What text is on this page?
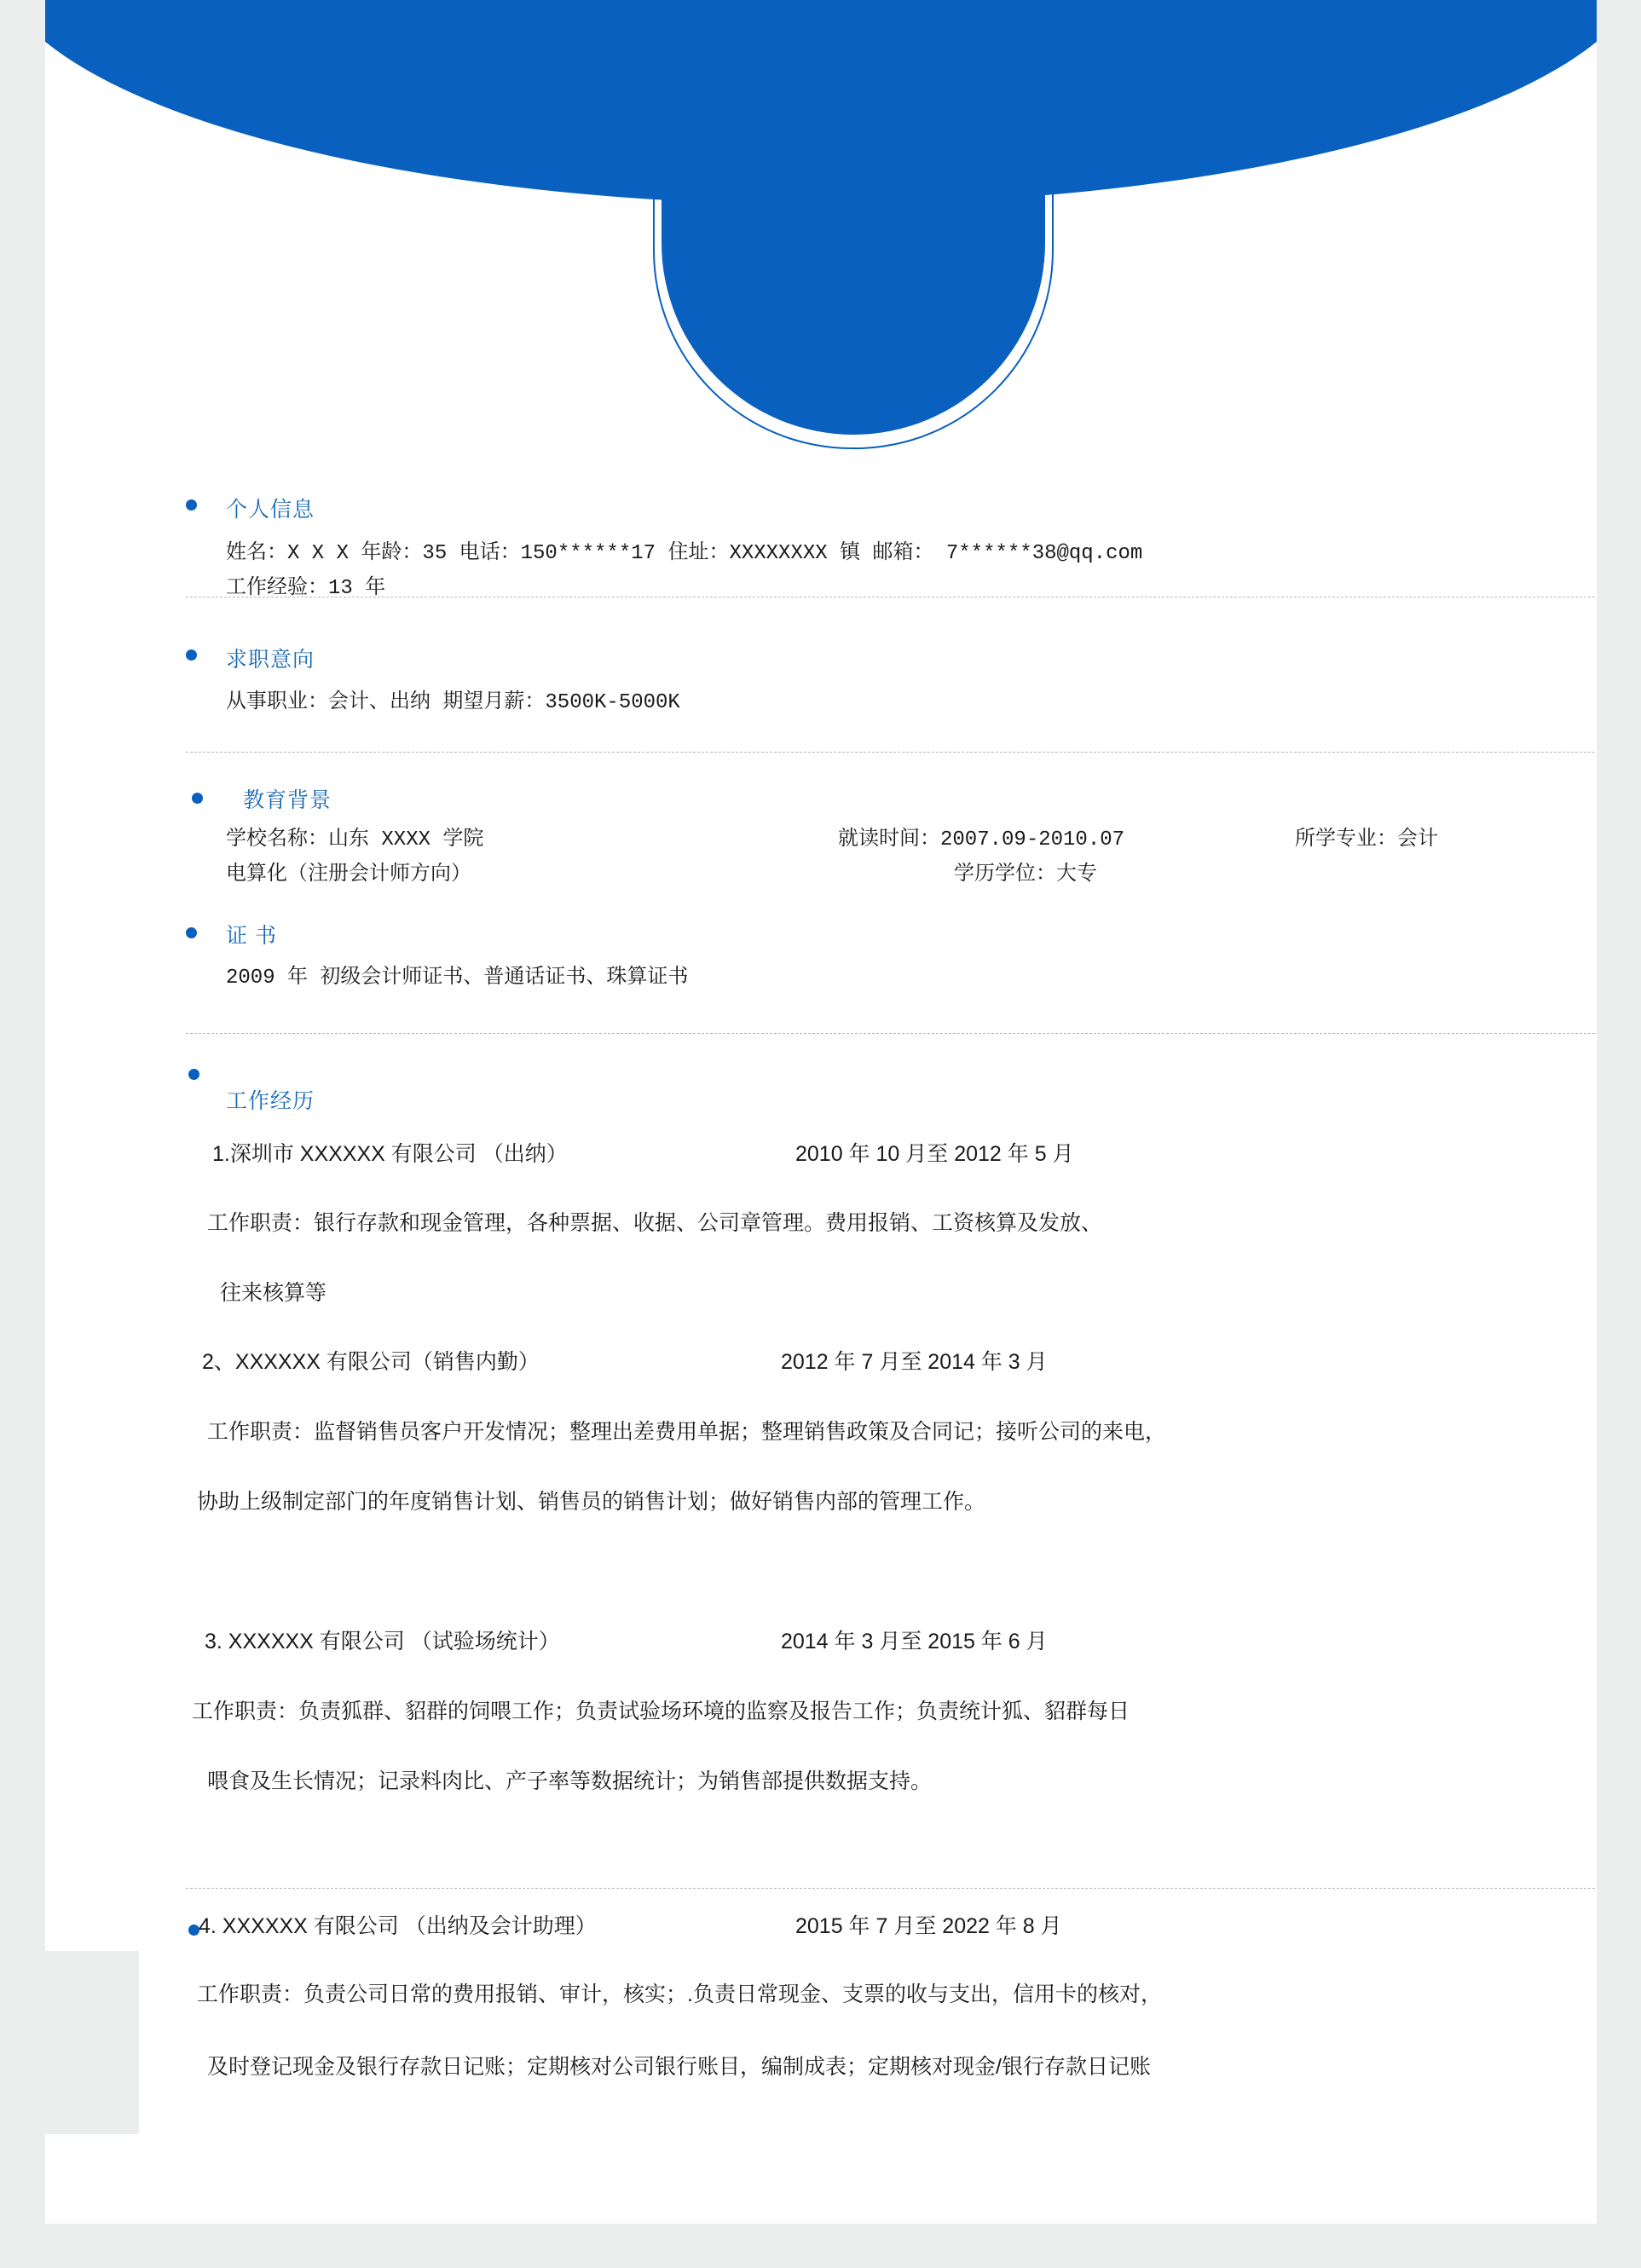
个人信息
姓名：X X X 年龄：35 电话：150******17 住址：XXXXXXXX 镇 邮箱： 7******38@qq.com
工作经验：13 年
求职意向
从事职业：会计、出纳 期望月薪：3500K-5000K
教育背景
学校名称：山东 XXXX 学院	就读时间：2007.09-2010.07	所学专业：会计
电算化（注册会计师方向）	学历学位：大专
证 书
2009 年 初级会计师证书、普通话证书、珠算证书
工作经历
1.深圳市 XXXXXX 有限公司 （出纳）	2010 年 10 月至 2012 年 5 月
工作职责：银行存款和现金管理，各种票据、收据、公司章管理。费用报销、工资核算及发放、
往来核算等
2、XXXXXX 有限公司（销售内勤）	2012 年 7 月至 2014 年 3 月
工作职责：监督销售员客户开发情况；整理出差费用单据；整理销售政策及合同记；接听公司的来电，
协助上级制定部门的年度销售计划、销售员的销售计划；做好销售内部的管理工作。
3. XXXXXX 有限公司 （试验场统计）	2014 年 3 月至 2015 年 6 月
工作职责：负责狐群、貂群的饲喂工作；负责试验场环境的监察及报告工作；负责统计狐、貂群每日
喂食及生长情况；记录料肉比、产子率等数据统计；为销售部提供数据支持。
4. XXXXXX 有限公司 （出纳及会计助理）	2015 年 7 月至 2022 年 8 月
工作职责：负责公司日常的费用报销、审计，核实；.负责日常现金、支票的收与支出，信用卡的核对，
及时登记现金及银行存款日记账；定期核对公司银行账目，编制成表；定期核对现金/银行存款日记账
